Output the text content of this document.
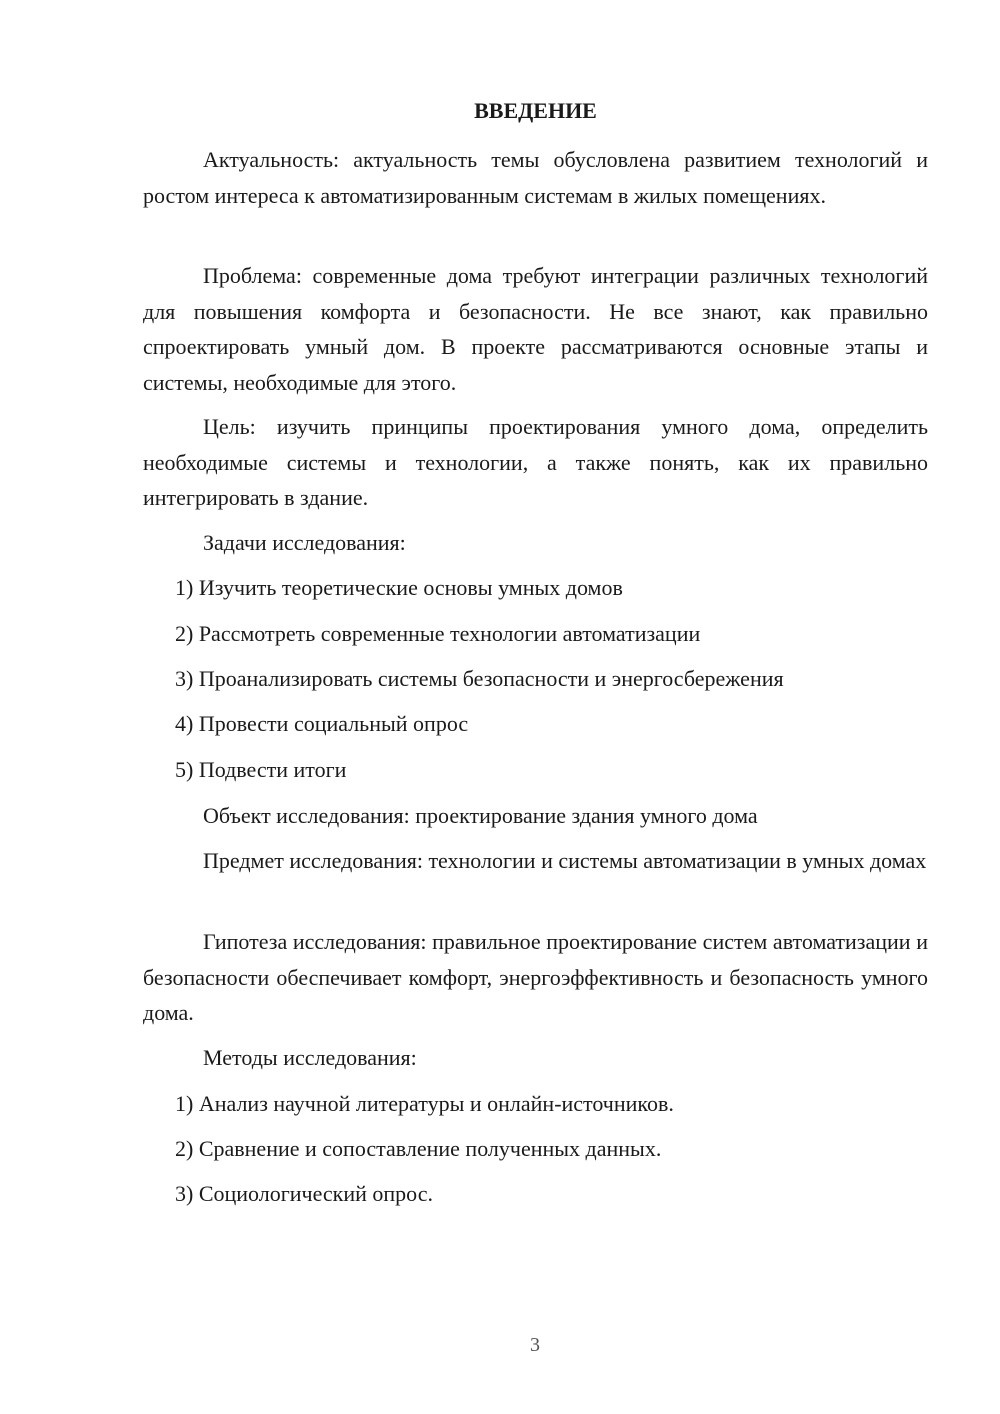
ВВЕДЕНИЕ

Актуальность: актуальность темы обусловлена развитием технологий и ростом интереса к автоматизированным системам в жилых помещениях.

Проблема: современные дома требуют интеграции различных технологий для повышения комфорта и безопасности. Не все знают, как правильно спроектировать умный дом. В проекте рассматриваются основные этапы и системы, необходимые для этого.

Цель: изучить принципы проектирования умного дома, определить необходимые системы и технологии, а также понять, как их правильно интегрировать в здание.

Задачи исследования:

1) Изучить теоретические основы умных домов

2) Рассмотреть современные технологии автоматизации

3) Проанализировать системы безопасности и энергосбережения

4) Провести социальный опрос

5) Подвести итоги

Объект исследования: проектирование здания умного дома

Предмет исследования: технологии и системы автоматизации в умных домах

Гипотеза исследования: правильное проектирование систем автоматизации и безопасности обеспечивает комфорт, энергоэффективность и безопасность умного дома.

Методы исследования:

1) Анализ научной литературы и онлайн-источников.

2) Сравнение и сопоставление полученных данных.

3) Социологический опрос.

3
